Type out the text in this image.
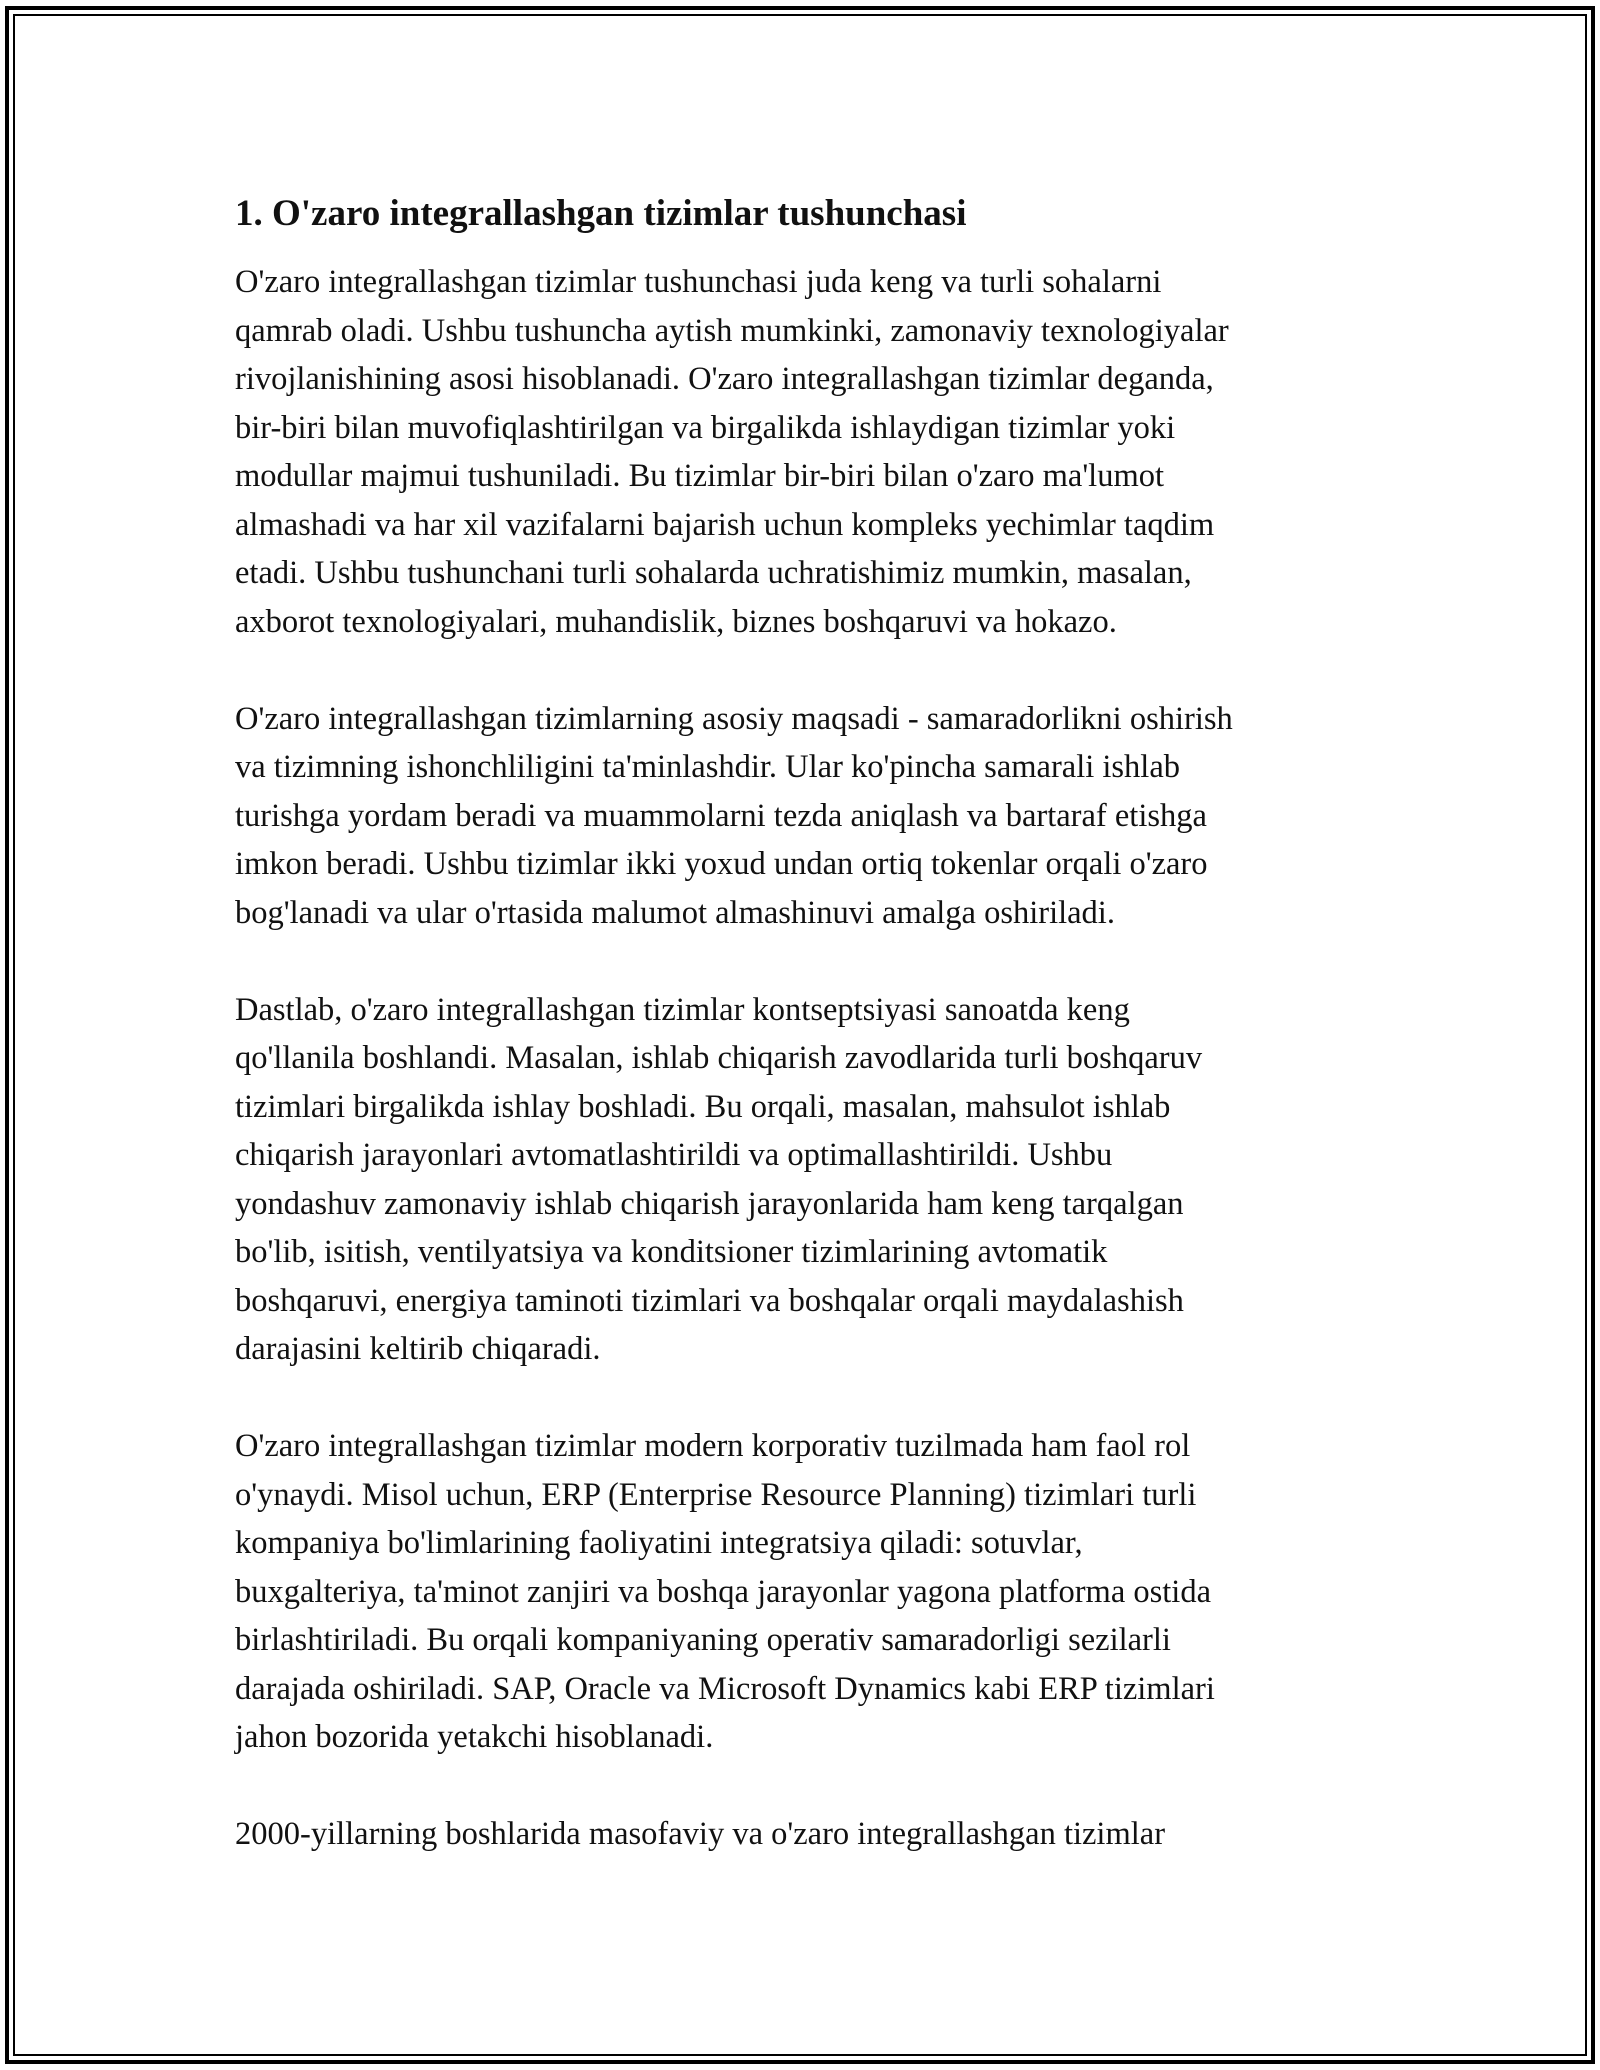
1. O'zaro integrallashgan tizimlar tushunchasi

O'zaro integrallashgan tizimlar tushunchasi juda keng va turli sohalarni
qamrab oladi. Ushbu tushuncha aytish mumkinki, zamonaviy texnologiyalar
rivojlanishining asosi hisoblanadi. O'zaro integrallashgan tizimlar deganda,
bir-biri bilan muvofiqlashtirilgan va birgalikda ishlaydigan tizimlar yoki
modullar majmui tushuniladi. Bu tizimlar bir-biri bilan o'zaro ma'lumot
almashadi va har xil vazifalarni bajarish uchun kompleks yechimlar taqdim
etadi. Ushbu tushunchani turli sohalarda uchratishimiz mumkin, masalan,
axborot texnologiyalari, muhandislik, biznes boshqaruvi va hokazo.

O'zaro integrallashgan tizimlarning asosiy maqsadi - samaradorlikni oshirish
va tizimning ishonchliligini ta'minlashdir. Ular ko'pincha samarali ishlab
turishga yordam beradi va muammolarni tezda aniqlash va bartaraf etishga
imkon beradi. Ushbu tizimlar ikki yoxud undan ortiq tokenlar orqali o'zaro
bog'lanadi va ular o'rtasida malumot almashinuvi amalga oshiriladi.

Dastlab, o'zaro integrallashgan tizimlar kontseptsiyasi sanoatda keng
qo'llanila boshlandi. Masalan, ishlab chiqarish zavodlarida turli boshqaruv
tizimlari birgalikda ishlay boshladi. Bu orqali, masalan, mahsulot ishlab
chiqarish jarayonlari avtomatlashtirildi va optimallashtirildi. Ushbu
yondashuv zamonaviy ishlab chiqarish jarayonlarida ham keng tarqalgan
bo'lib, isitish, ventilyatsiya va konditsioner tizimlarining avtomatik
boshqaruvi, energiya taminoti tizimlari va boshqalar orqali maydalashish
darajasini keltirib chiqaradi.

O'zaro integrallashgan tizimlar modern korporativ tuzilmada ham faol rol
o'ynaydi. Misol uchun, ERP (Enterprise Resource Planning) tizimlari turli
kompaniya bo'limlarining faoliyatini integratsiya qiladi: sotuvlar,
buxgalteriya, ta'minot zanjiri va boshqa jarayonlar yagona platforma ostida
birlashtiriladi. Bu orqali kompaniyaning operativ samaradorligi sezilarli
darajada oshiriladi. SAP, Oracle va Microsoft Dynamics kabi ERP tizimlari
jahon bozorida yetakchi hisoblanadi.

2000-yillarning boshlarida masofaviy va o'zaro integrallashgan tizimlar
